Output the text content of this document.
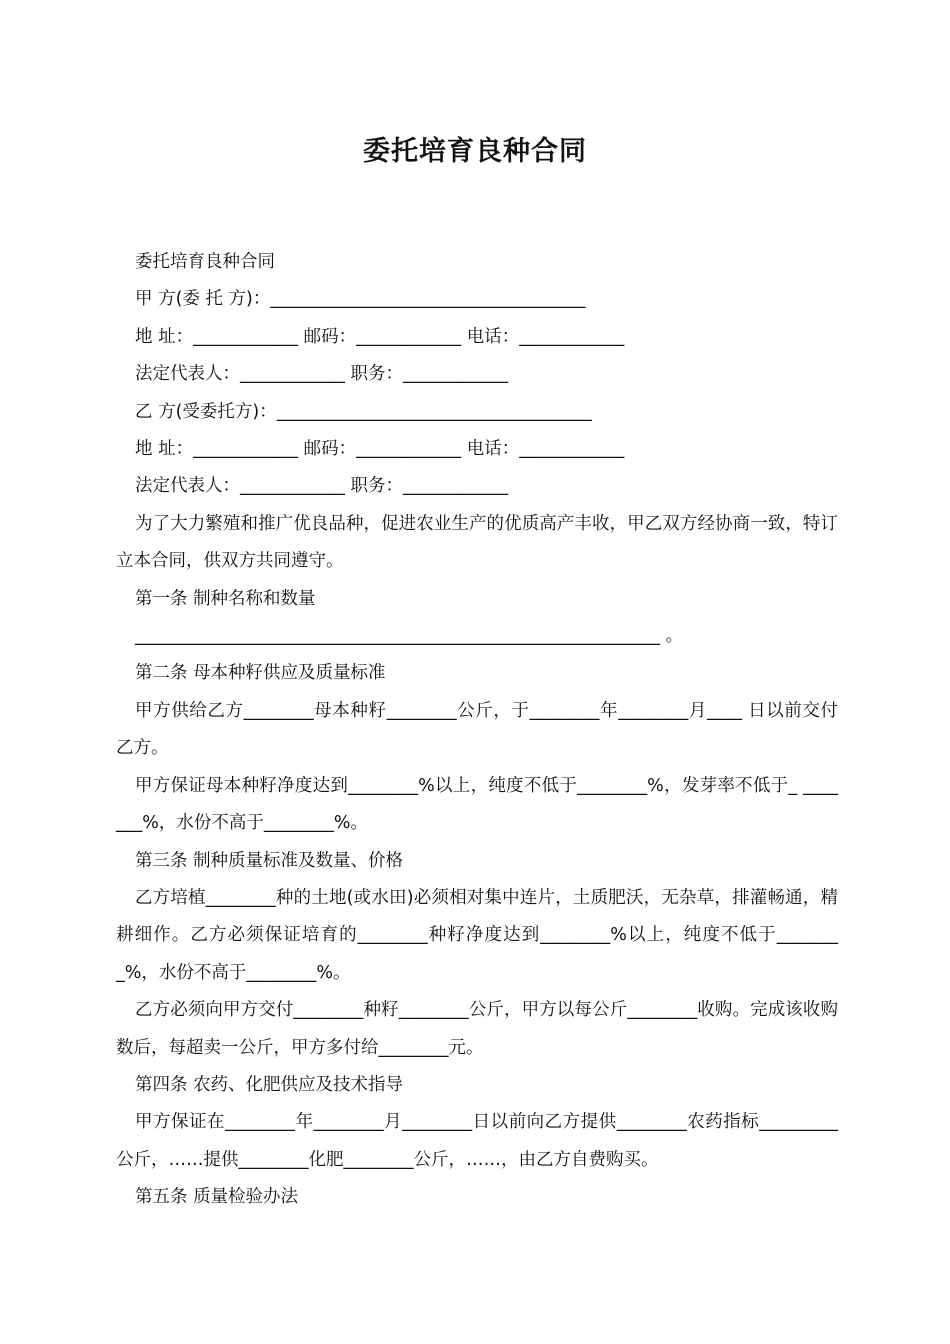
委托培育良种合同

委托培育良种合同

甲 方(委 托 方)：____________________________________

地 址：____________ 邮码：____________ 电话：____________

法定代表人：____________ 职务：____________

乙 方(受委托方)：____________________________________

地 址：____________ 邮码：____________ 电话：____________

法定代表人：____________ 职务：____________

为了大力繁殖和推广优良品种，促进农业生产的优质高产丰收，甲乙双方经协商一致，特订立本合同，供双方共同遵守。

第一条 制种名称和数量

____________________________________________________________ 。

第二条 母本种籽供应及质量标准

甲方供给乙方________母本种籽________公斤，于________年________月____ 日以前交付乙方。

甲方保证母本种籽净度达到________%以上，纯度不低于________%，发芽率不低于_ _______%，水份不高于________%。

第三条 制种质量标准及数量、价格

乙方培植________种的土地(或水田)必须相对集中连片，土质肥沃，无杂草，排灌畅通，精耕细作。乙方必须保证培育的________种籽净度达到________%以上，纯度不低于________%，水份不高于________%。

乙方必须向甲方交付________种籽________公斤，甲方以每公斤________收购。完成该收购数后，每超卖一公斤，甲方多付给________元。

第四条 农药、化肥供应及技术指导

甲方保证在________年________月________日以前向乙方提供________农药指标_________公斤，……提供________化肥________公斤，……，由乙方自费购买。

第五条 质量检验办法
